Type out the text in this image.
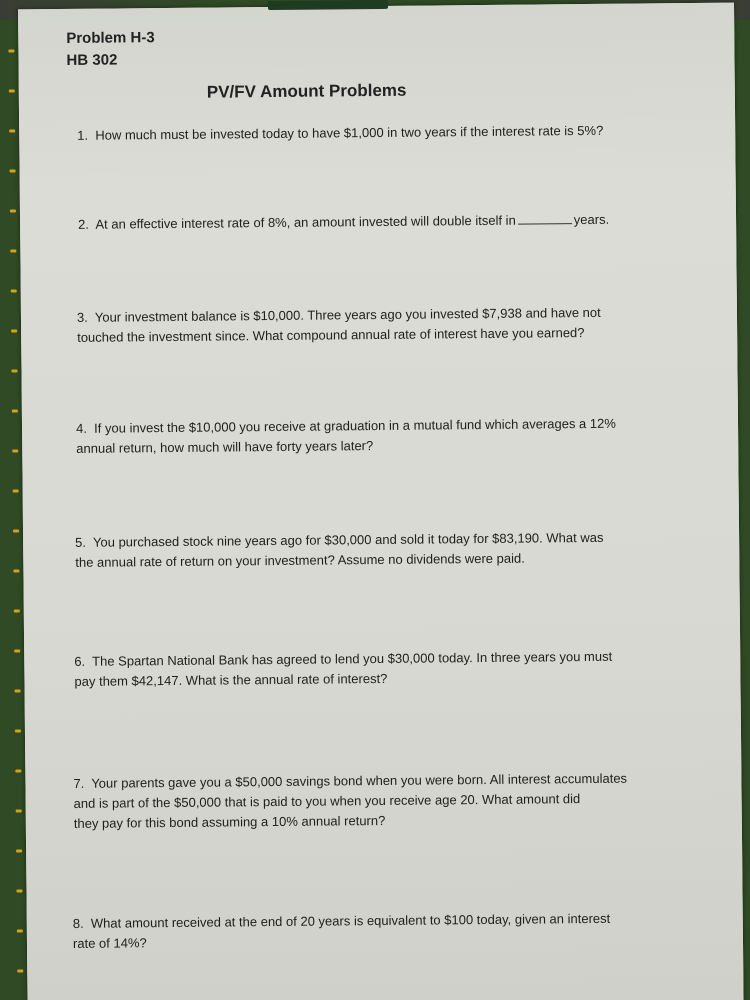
Problem H-3
HB 302
PV/FV Amount Problems
1. How much must be invested today to have $1,000 in two years if the interest rate is 5%?
2. At an effective interest rate of 8%, an amount invested will double itself in	years.
3. Your investment balance is $10,000. Three years ago you invested $7,938 and have not
touched the investment since. What compound annual rate of interest have you earned?
4. If you invest the $10,000 you receive at graduation in a mutual fund which averages a 12%
annual return, how much will have forty years later?
5. You purchased stock nine years ago for $30,000 and sold it today for $83,190. What was
the annual rate of return on your investment? Assume no dividends were paid.
6. The Spartan National Bank has agreed to lend you $30,000 today. In three years you must
pay them $42,147. What is the annual rate of interest?
7. Your parents gave you a $50,000 savings bond when you were born. All interest accumulates
and is part of the $50,000 that is paid to you when you receive age 20. What amount did
they pay for this bond assuming a 10% annual return?
8. What amount received at the end of 20 years is equivalent to $100 today, given an interest
rate of 14%?
